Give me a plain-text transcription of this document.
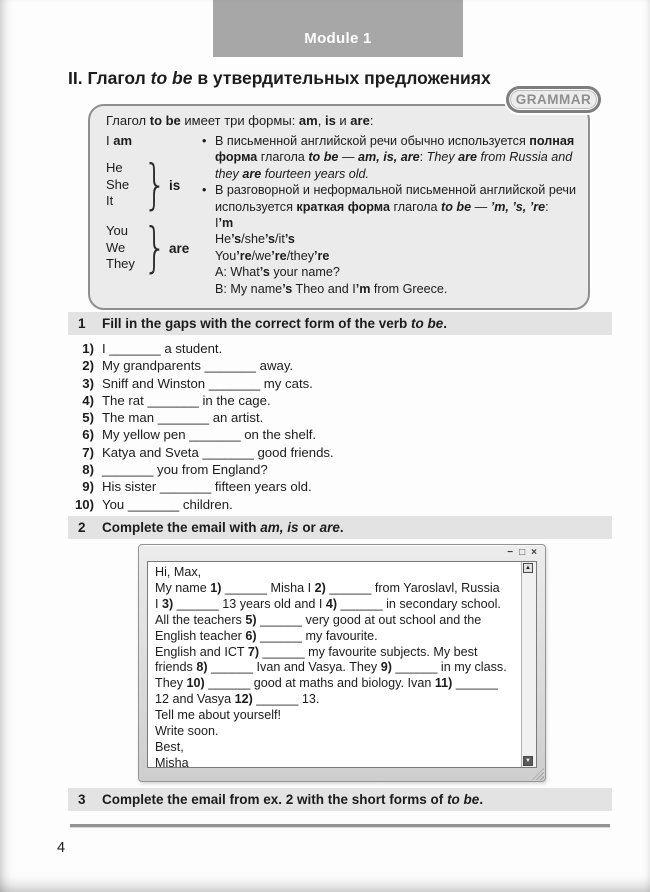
Module 1
II. Глагол to be в утвердительных предложениях
GRAMMAR
Глагол to be имеет три формы: am, is и are:
I am
He
She
It } is
You
We
They } are
• В письменной английской речи обычно используется полная форма глагола to be — am, is, are: They are from Russia and they are fourteen years old.
• В разговорной и неформальной письменной английской речи используется краткая форма глагола to be — ’m, ’s, ’re:
I’m
He’s/she’s/it’s
You’re/we’re/they’re
A: What’s your name?
B: My name’s Theo and I’m from Greece.
1	Fill in the gaps with the correct form of the verb to be.
1) I _______ a student.
2) My grandparents _______ away.
3) Sniff and Winston _______ my cats.
4) The rat _______ in the cage.
5) The man _______ an artist.
6) My yellow pen _______ on the shelf.
7) Katya and Sveta _______ good friends.
8) _______ you from England?
9) His sister _______ fifteen years old.
10) You _______ children.
2	Complete the email with am, is or are.
− □ ×
Hi, Max,
My name 1) ______ Misha I 2) ______ from Yaroslavl, Russia
I 3) ______ 13 years old and I 4) ______ in secondary school.
All the teachers 5) ______ very good at out school and the
English teacher 6) ______ my favourite.
English and ICT 7) ______ my favourite subjects. My best
friends 8) ______ Ivan and Vasya. They 9) ______ in my class.
They 10) ______ good at maths and biology. Ivan 11) ______
12 and Vasya 12) ______ 13.
Tell me about yourself!
Write soon.
Best,
Misha
▲
▼
3	Complete the email from ex. 2 with the short forms of to be.
4
